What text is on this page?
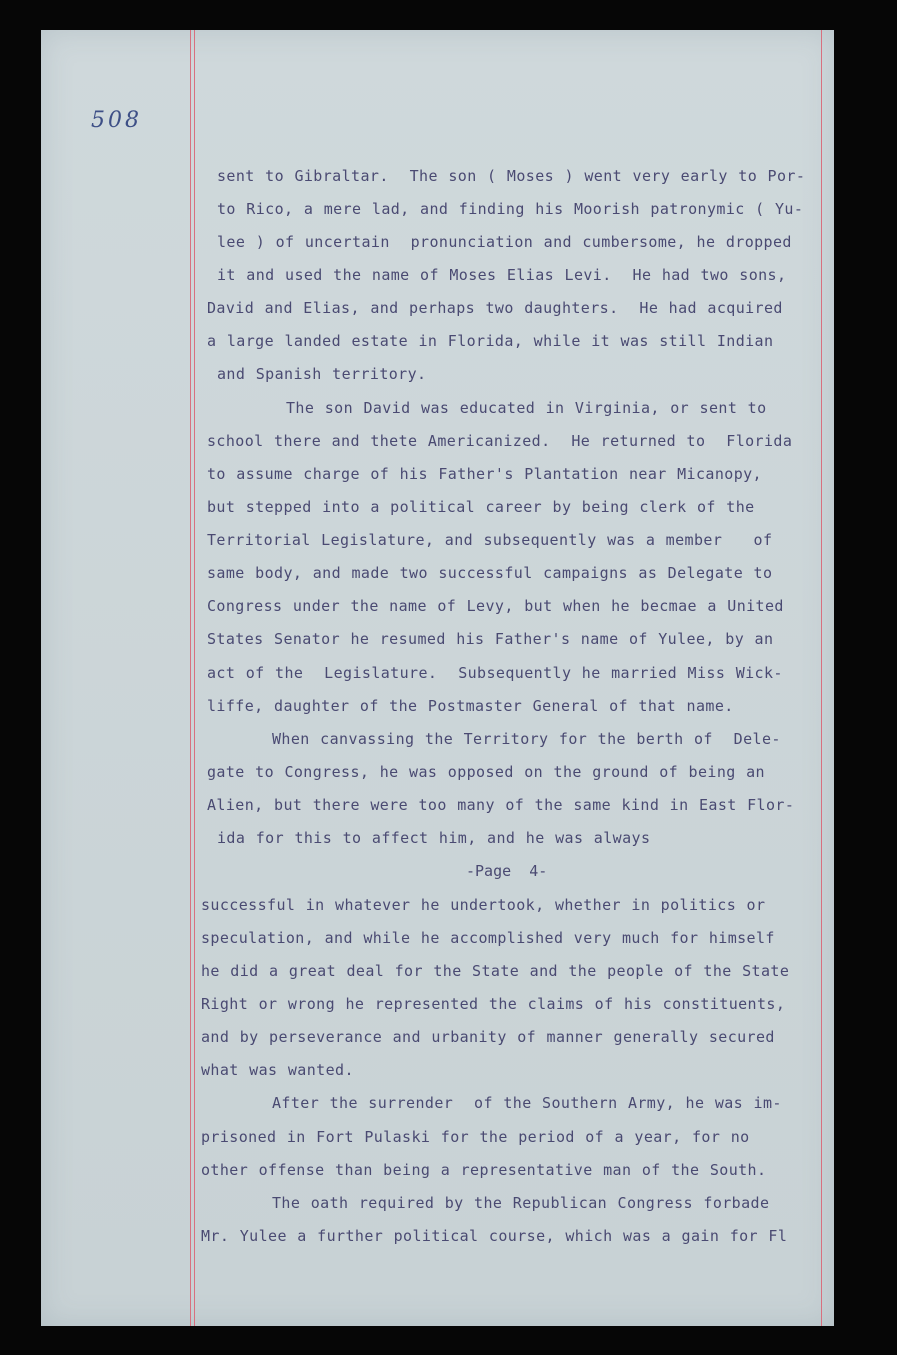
508
sent to Gibraltar.  The son ( Moses ) went very early to Por-
to Rico, a mere lad, and finding his Moorish patronymic ( Yu-
lee ) of uncertain  pronunciation and cumbersome, he dropped
it and used the name of Moses Elias Levi.  He had two sons,
David and Elias, and perhaps two daughters.  He had acquired
a large landed estate in Florida, while it was still Indian
and Spanish territory.
The son David was educated in Virginia, or sent to
school there and thete Americanized.  He returned to  Florida
to assume charge of his Father's Plantation near Micanopy,
but stepped into a political career by being clerk of the
Territorial Legislature, and subsequently was a member   of
same body, and made two successful campaigns as Delegate to
Congress under the name of Levy, but when he becmae a United
States Senator he resumed his Father's name of Yulee, by an
act of the  Legislature.  Subsequently he married Miss Wick-
liffe, daughter of the Postmaster General of that name.
When canvassing the Territory for the berth of  Dele-
gate to Congress, he was opposed on the ground of being an
Alien, but there were too many of the same kind in East Flor-
ida for this to affect him, and he was always
-Page  4-
successful in whatever he undertook, whether in politics or
speculation, and while he accomplished very much for himself
he did a great deal for the State and the people of the State
Right or wrong he represented the claims of his constituents,
and by perseverance and urbanity of manner generally secured
what was wanted.
After the surrender  of the Southern Army, he was im-
prisoned in Fort Pulaski for the period of a year, for no
other offense than being a representative man of the South.
The oath required by the Republican Congress forbade
Mr. Yulee a further political course, which was a gain for Fl
